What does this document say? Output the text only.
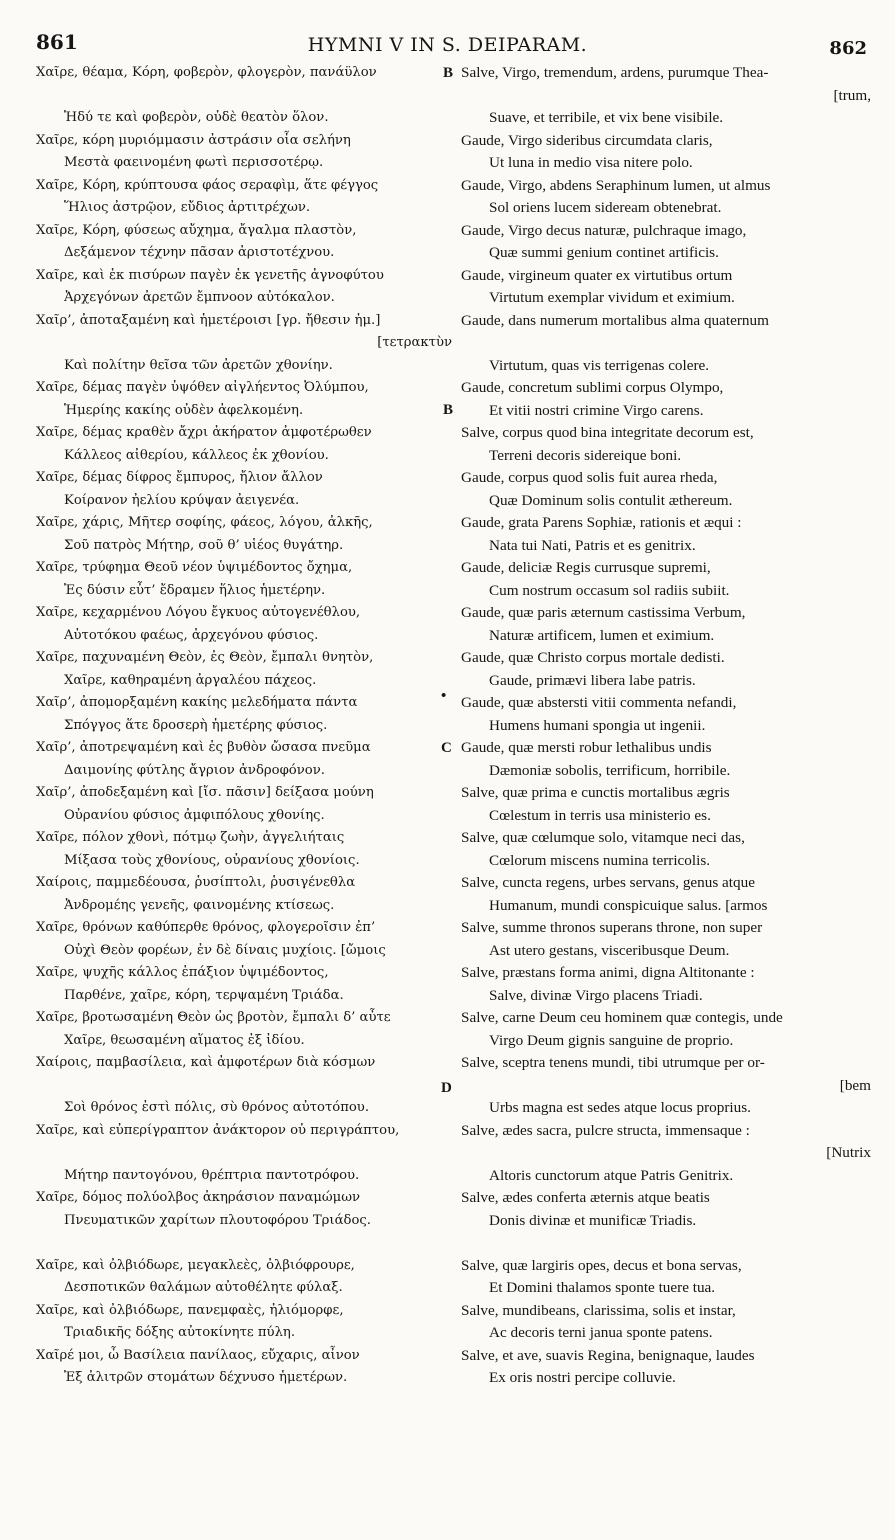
861	HYMNI V IN S. DEIPARAM.	862
Χαῖρε, θέαμα, Κόρη, φοβερὸν, φλογερὸν, πανάϋλον
Ἡδύ τε καὶ φοβερὸν, οὐδὲ θεατὸν ὅλον.
Χαῖρε, κόρη μυριόμμασιν ἀστράσιν οἷα σελήνη
Μεστὰ φαεινομένη φωτὶ περισσοτέρῳ.
Χαῖρε, Κόρη, κρύπτουσα φάος σεραφὶμ, ἅτε φέγγος
Ἥλιος ἀστρῷον, εὔδιος ἀρτιτρέχων.
Χαῖρε, Κόρη, φύσεως αὔχημα, ἄγαλμα πλαστὸν,
Δεξάμενον τέχνην πᾶσαν ἀριστοτέχνου.
Χαῖρε, καὶ ἐκ πισύρων παγὲν ἐκ γενετῆς ἀγνοφύτου
Ἀρχεγόνων ἀρετῶν ἔμπνοον αὐτόκαλον.
Χαῖρ’, ἀποταξαμένη καὶ ἡμετέροισι [γρ. ἤθεσιν ἡμ.]
[τετρακτὺν
Καὶ πολίτην θεῖσα τῶν ἀρετῶν χθονίην.
Χαῖρε, δέμας παγὲν ὑψόθεν αἰγλήεντος Ὀλύμπου,
Ἡμερίης κακίης οὐδὲν ἀφελκομένη.
Χαῖρε, δέμας κραθὲν ἄχρι ἀκήρατον ἀμφοτέρωθεν
Κάλλεος αἰθερίου, κάλλεος ἐκ χθονίου.
Χαῖρε, δέμας δίφρος ἔμπυρος, ἤλιον ἄλλον
Κοίρανον ἠελίου κρύψαν ἀειγενέα.
Χαῖρε, χάρις, Μῆτερ σοφίης, φάεος, λόγου, ἀλκῆς,
Σοῦ πατρὸς Μήτηρ, σοῦ θ’ υἱέος θυγάτηρ.
Χαῖρε, τρύφημα Θεοῦ νέον ὑψιμέδοντος ὄχημα,
Ἐς δύσιν εὖτ’ ἔδραμεν ἥλιος ἡμετέρην.
Χαῖρε, κεχαρμένου Λόγου ἔγκυος αὐτογενέθλου,
Αὐτοτόκου φαέως, ἀρχεγόνου φύσιος.
Χαῖρε, παχυναμένη Θεὸν, ἐς Θεὸν, ἔμπαλι θνητὸν,
Χαῖρε, καθηραμένη ἀργαλέου πάχεος.
Χαῖρ’, ἀπομορξαμένη κακίης μελεδήματα πάντα
Σπόγγος ἅτε δροσερὴ ἡμετέρης φύσιος.
Χαῖρ’, ἀποτρεψαμένη καὶ ἐς βυθὸν ὤσασα πνεῦμα
Δαιμονίης φύτλης ἄγριον ἀνδροφόνον.
Χαῖρ’, ἀποδεξαμένη καὶ [ἴσ. πᾶσιν] δείξασα μούνη
Οὐρανίου φύσιος ἀμφιπόλους χθονίης.
Χαῖρε, πόλον χθονὶ, πότμῳ ζωὴν, ἀγγελιήταις
Μίξασα τοὺς χθονίους, οὐρανίους χθονίοις.
Χαίροις, παμμεδέουσα, ῥυσίπτολι, ῥυσιγένεθλα
Ἀνδρομέης γενεῆς, φαινομένης κτίσεως.
Χαῖρε, θρόνων καθύπερθε θρόνος, φλογεροῖσιν ἐπ’
Οὐχὶ Θεὸν φορέων, ἐν δὲ δίναις μυχίοις. [ὤμοις
Χαῖρε, ψυχῆς κάλλος ἐπάξιον ὑψιμέδοντος,
Παρθένε, χαῖρε, κόρη, τερψαμένη Τριάδα.
Χαῖρε, βροτωσαμένη Θεὸν ὡς βροτὸν, ἔμπαλι δ’ αὖτε
Χαῖρε, θεωσαμένη αἵματος ἐξ ἰδίου.
Χαίροις, παμβασίλεια, καὶ ἀμφοτέρων διὰ κόσμων
Σοὶ θρόνος ἐστὶ πόλις, σὺ θρόνος αὐτοτόπου.
Χαῖρε, καὶ εὐπερίγραπτον ἀνάκτορον οὐ περιγράπτου,
Μήτηρ παντογόνου, θρέπτρια παντοτρόφου.
Χαῖρε, δόμος πολύολβος ἀκηράσιον παναμώμων
Πνευματικῶν χαρίτων πλουτοφόρου Τριάδος.
Χαῖρε, καὶ ὀλβιόδωρε, μεγακλεὲς, ὀλβιόφρουρε,
Δεσποτικῶν θαλάμων αὐτοθέλητε φύλαξ.
Χαῖρε, καὶ ὀλβιόδωρε, πανεμφαὲς, ἠλιόμορφε,
Τριαδικῆς δόξης αὐτοκίνητε πύλη.
Χαῖρέ μοι, ὦ Βασίλεια πανίλαος, εὔχαρις, αἶνον
Ἐξ ἀλιτρῶν στομάτων δέχνυσο ἡμετέρων.
Salve, Virgo, tremendum, ardens, purumque Thea-
[trum,
Suave, et terribile, et vix bene visibile.
Gaude, Virgo sideribus circumdata claris,
Ut luna in medio visa nitere polo.
Gaude, Virgo, abdens Seraphinum lumen, ut almus
Sol oriens lucem sideream obtenebrat.
Gaude, Virgo decus naturæ, pulchraque imago,
Quæ summi genium continet artificis.
Gaude, virgineum quater ex virtutibus ortum
Virtutum exemplar vividum et eximium.
Gaude, dans numerum mortalibus alma quaternum
Virtutum, quas vis terrigenas colere.
Gaude, concretum sublimi corpus Olympo,
Et vitii nostri crimine Virgo carens.
Salve, corpus quod bina integritate decorum est,
Terreni decoris sidereique boni.
Gaude, corpus quod solis fuit aurea rheda,
Quæ Dominum solis contulit æthereum.
Gaude, grata Parens Sophiæ, rationis et æqui :
Nata tui Nati, Patris et es genitrix.
Gaude, deliciæ Regis currusque supremi,
Cum nostrum occasum sol radiis subiit.
Gaude, quæ paris æternum castissima Verbum,
Naturæ artificem, lumen et eximium.
Gaude, quæ Christo corpus mortale dedisti.
Gaude, primævi libera labe patris.
Gaude, quæ abstersti vitii commenta nefandi,
Humens humani spongia ut ingenii.
Gaude, quæ mersti robur lethalibus undis
Dæmoniæ sobolis, terrificum, horribile.
Salve, quæ prima e cunctis mortalibus ægris
Cœlestum in terris usa ministerio es.
Salve, quæ cœlumque solo, vitamque neci das,
Cœlorum miscens numina terricolis.
Salve, cuncta regens, urbes servans, genus atque
Humanum, mundi conspicuique salus. [armos
Salve, summe thronos superans throne, non super
Ast utero gestans, visceribusque Deum.
Salve, præstans forma animi, digna Altitonante :
Salve, divinæ Virgo placens Triadi.
Salve, carne Deum ceu hominem quæ contegis, unde
Virgo Deum gignis sanguine de proprio.
Salve, sceptra tenens mundi, tibi utrumque per or-
[bem
Urbs magna est sedes atque locus proprius.
Salve, ædes sacra, pulcre structa, immensaque :
[Nutrix
Altoris cunctorum atque Patris Genitrix.
Salve, ædes conferta æternis atque beatis
Donis divinæ et munificæ Triadis.
Salve, quæ largiris opes, decus et bona servas,
Et Domini thalamos sponte tuere tua.
Salve, mundibeans, clarissima, solis et instar,
Ac decoris terni janua sponte patens.
Salve, et ave, suavis Regina, benignaque, laudes
Ex oris nostri percipe colluvie.
B
B
C
D
•
